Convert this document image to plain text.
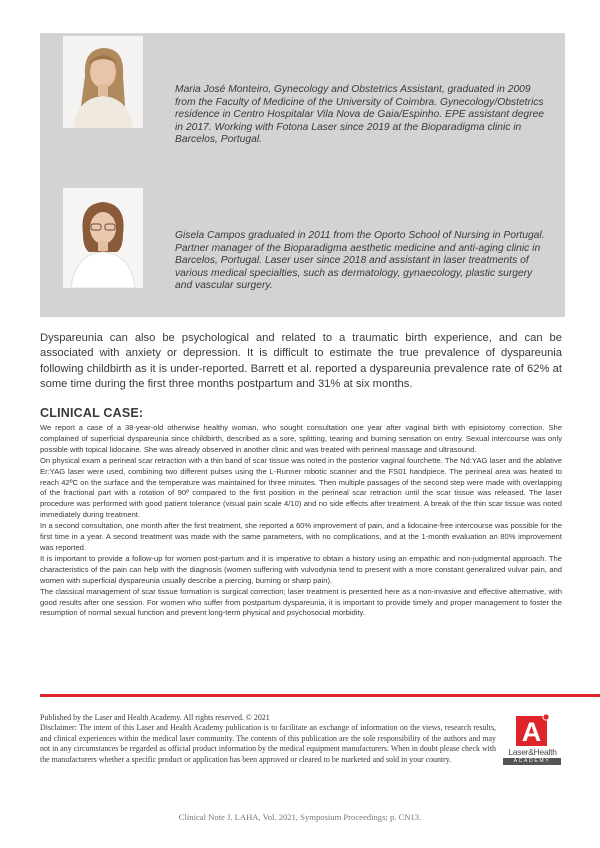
Maria José Monteiro, Gynecology and Obstetrics Assistant, graduated in 2009 from the Faculty of Medicine of the University of Coimbra. Gynecology/Obstetrics residence in Centro Hospitalar Vila Nova de Gaia/Espinho. EPE assistant degree in 2017. Working with Fotona Laser since 2019 at the Bioparadigma clinic in Barcelos, Portugal.
Gisela Campos graduated in 2011 from the Oporto School of Nursing in Portugal. Partner manager of the Bioparadigma aesthetic medicine and anti-aging clinic in Barcelos, Portugal. Laser user since 2018 and assistant in laser treatments of various medical specialties, such as dermatology, gynaecology, plastic surgery and vascular surgery.
Dyspareunia can also be psychological and related to a traumatic birth experience, and can be associated with anxiety or depression. It is difficult to estimate the true prevalence of dyspareunia following childbirth as it is under-reported. Barrett et al. reported a dyspareunia prevalence rate of 62% at some time during the first three months postpartum and 31% at six months.
CLINICAL CASE:

We report a case of a 38-year-old otherwise healthy woman, who sought consultation one year after vaginal birth with episiotomy correction. She complained of superficial dyspareunia since childbirth, described as a sore, splitting, tearing and burning sensation on entry. Sexual intercourse was only possible with topical lidocaine. She was already observed in another clinic and was treated with perineal massage and ultrasound.

On physical exam a perineal scar retraction with a thin band of scar tissue was noted in the posterior vaginal fourchette. The Nd:YAG laser and the ablative Er:YAG laser were used, combining two different pulses using the L-Runner robotic scanner and the FS01 handpiece. The perineal area was heated to reach 42ºC on the surface and the temperature was maintained for three minutes. Then multiple passages of the second step were made with overlapping of the fractional part with a rotation of 90º compared to the first position in the perineal scar retraction until the scar tissue was released. The laser procedure was performed with good patient tolerance (visual pain scale 4/10) and no side effects after treatment. A break of the thin scar tissue was noted immediately during treatment.

In a second consultation, one month after the first treatment, she reported a 60% improvement of pain, and a lidocaine-free intercourse was possible for the first time in a year. A second treatment was made with the same parameters, with no complications, and at the 1-month evaluation an 80% improvement was reported.

It is important to provide a follow-up for women post-partum and it is imperative to obtain a history using an empathic and non-judgmental approach. The characteristics of the pain can help with the diagnosis (women suffering with vulvodynia tend to present with a more constant generalized vulvar pain, and women with superficial dyspareunia usually describe a piercing, burning or sharp pain).

The classical management of scar tissue formation is surgical correction; laser treatment is presented here as a non-invasive and effective alternative, with good results after one session. For women who suffer from postpartum dyspareunia, it is important to provide timely and proper management to foster the resumption of normal sexual function and prevent long-term physical and psychosocial morbidity.

Published by the Laser and Health Academy. All rights reserved. © 2021

Disclaimer: The intent of this Laser and Health Academy publication is to facilitate an exchange of information on the views, research results, and clinical experiences within the medical laser community. The contents of this publication are the sole responsibility of the authors and may not in any circumstances be regarded as official product information by the medical equipment manufacturers. When in doubt please check with the manufacturers whether a specific product or application has been approved or cleared to be marketed and sold in your country.

A
Laser&Health
ACADEMY
Clinical Note J. LAHA, Vol. 2021, Symposium Proceedings; p. CN13.
